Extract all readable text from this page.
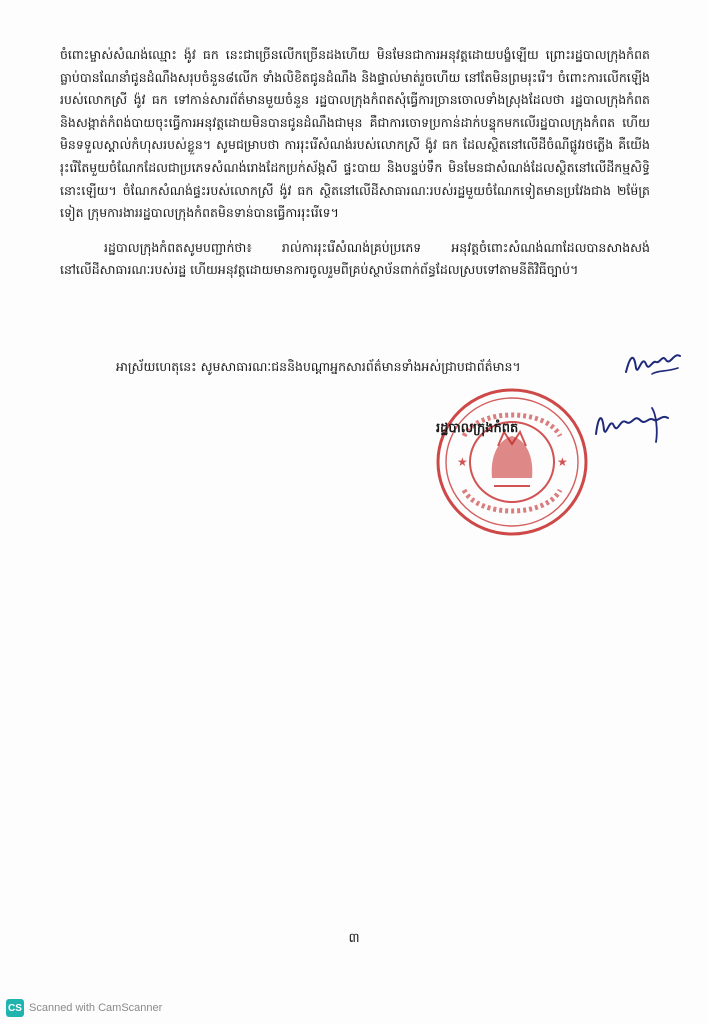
ចំពោះម្ចាស់សំណង់ឈ្មោះ ង៉ូវ ធក នេះជាច្រើនលើកច្រើនដងហើយ មិនមែនជាការអនុវត្តដោយបង្ខំឡើយ ព្រោះរដ្ឋបាលក្រុងកំពតធ្លាប់បានណែនាំជូនដំណឹងសរុបចំនួន៨លើក ទាំងលិខិតជូនដំណឹង និងផ្ទាល់មាត់រួចហើយ នៅតែមិនព្រមរុះរើ។ ចំពោះការលើកឡើងរបស់លោកស្រី ង៉ូវ ធក ទៅកាន់សារព័ត៌មានមួយចំនួន រដ្ឋបាលក្រុងកំពតសុំធ្វើការច្រានចោលទាំងស្រុងដែលថា រដ្ឋបាលក្រុងកំពតនិងសង្កាត់កំពង់បាយចុះធ្វើការអនុវត្តដោយមិនបានជូនដំណឹងជាមុន គឺជាការចោទប្រកាន់ដាក់បន្ទុកមកលើរដ្ឋបាលក្រុងកំពត ហើយមិនទទួលស្គាល់កំហុសរបស់ខ្លួន។ សូមជម្រាបថា ការរុះរើសំណង់របស់លោកស្រី ង៉ូវ ធក ដែលស្ថិតនៅលើដីចំណីផ្លូវរថភ្លើង គឺយើងរុះរើតែមួយចំណែកដែលជាប្រភេទសំណង់រោងដែកប្រក់ស័ង្កសី ផ្ទះបាយ និងបន្ទប់ទឹក មិនមែនជាសំណង់ដែលស្ថិតនៅលើដីកម្មសិទ្ធិនោះឡើយ។ ចំណែកសំណង់ផ្ទះរបស់លោកស្រី ង៉ូវ ធក ស្ថិតនៅលើដីសាធារណៈរបស់រដ្ឋមួយចំណែកទៀតមានប្រវែងជាង ២ម៉ែត្រទៀត ក្រុមការងាររដ្ឋបាលក្រុងកំពតមិនទាន់បានធ្វើការរុះរើទេ។

រដ្ឋបាលក្រុងកំពតសូមបញ្ជាក់ថា៖ រាល់ការរុះរើសំណង់គ្រប់ប្រភេទ អនុវត្តចំពោះសំណង់ណាដែលបានសាងសង់នៅលើដីសាធារណៈរបស់រដ្ឋ ហើយអនុវត្តដោយមានការចូលរួមពីគ្រប់ស្ថាប័នពាក់ព័ន្ធដែលស្របទៅតាមនីតិវិធីច្បាប់។

អាស្រ័យហេតុនេះ សូមសាធារណៈជននិងបណ្ដាអ្នកសារព័ត៌មានទាំងអស់ជ្រាបជាព័ត៌មាន។

★	★
រដ្ឋបាលក្រុងកំពត
៣
CS Scanned with CamScanner
